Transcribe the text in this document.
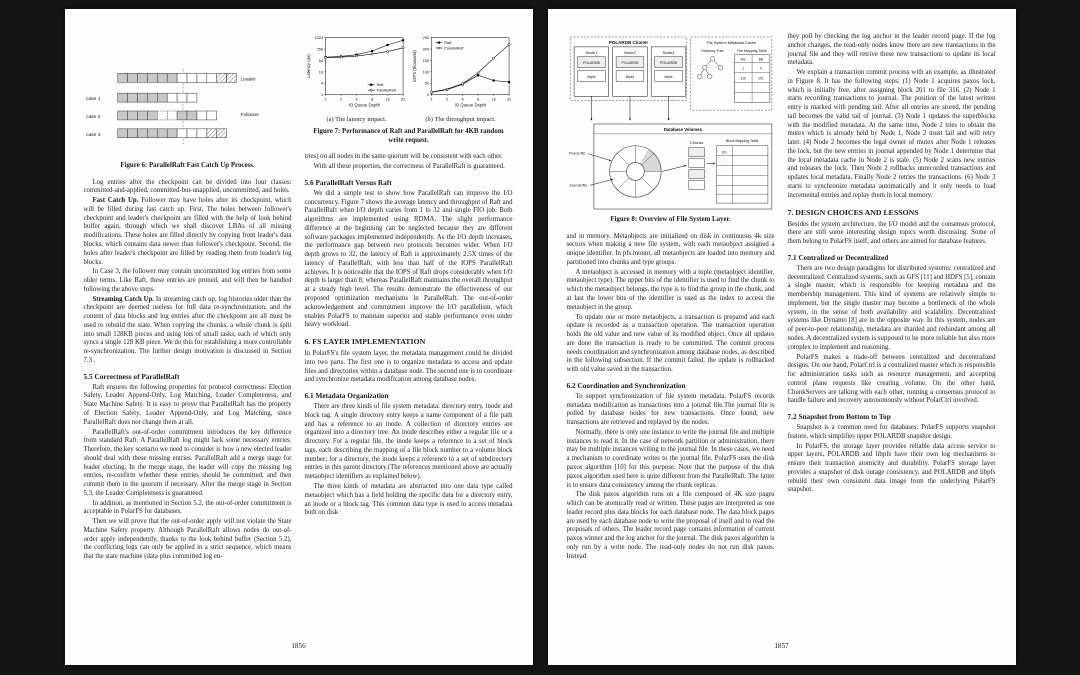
Leader
case 1
Follower
case 2
case 3
Figure 6: ParallelRaft Fast Catch Up Process.

Log entries after the checkpoint can be divided into four classes: committed-and-applied, committed-but-unapplied, uncommitted, and holes.

Fast Catch Up. Follower may have holes after its checkpoint, which will be filled during fast catch up. First, The holes between follower's checkpoint and leader's checkpoint are filled with the help of look behind buffer again, through which we shall discover LBAs of all missing modifications. These holes are filled directly by copying from leader's data blocks, which contains data newer than follower's checkpoint. Second, the holes after leader's checkpoint are filled by reading them from leader's log blocks.

In Case 3, the follower may contain uncommitted log entries from some older terms. Like Raft, these entries are pruned, and will then be handled following the above steps.

Streaming Catch Up. In streaming catch up, log histories older than the checkpoint are deemed useless for full data re-synchronization, and the content of data blocks and log entries after the checkpoint are all must be used to rebuild the state. When copying the chunks, a whole chunk is split into small 128KB pieces and using lots of small tasks, each of which only syncs a single 128 KB piece. We do this for establishing a more controllable re-synchronization. The further design motivation is discussed in Section 7.3 .

5.5 Correctness of ParallelRaft

Raft ensures the following properties for protocol correctness: Election Safety, Leader Append-Only, Log Matching, Leader Completeness, and State Machine Safety. It is easy to prove that ParallelRaft has the property of Election Safety, Leader Append-Only, and Log Matching, since ParallelRaft does not change them at all.

ParallelRaft's out-of-order commitment introduces the key difference from standard Raft. A ParallelRaft log might lack some necessary entries. Therefore, the key scenario we need to consider is how a new elected leader should deal with these missing entries. ParallelRaft add a merge stage for leader electing. In the merge stage, the leader will copy the missing log entries, re-confirm whether these entries should be committed, and then commit them in the quorum if necessary. After the merge stage in Section 5.3, the Leader Completeness is guaranteed.

In addition, as mentioned in Section 5.2, the out-of-order commitment is acceptable in PolarFS for databases.

Then we will prove that the out-of-order apply will not violate the State Machine Safety property. Although ParallelRaft allows nodes do out-of-order apply independently, thanks to the look behind buffer (Section 5.2), the conflicting logs can only be applied in a strict sequence, which means that the state machine (data plus committed log en-

1
4
16
64
256
1024
1	2	4	8	16	32
IO Queue Depth
Latency (us)
Raft
ParallelRaft
0
50
100
150
200
250
1	2	4	8	16	32
IO Queue Depth
IOPS (thousand)
Raft
ParallelRaft
(a) The latency impact.	(b) The throughput impact.
Figure 7: Performance of Raft and ParallelRaft for 4KB random write request.

tries) on all nodes in the same quorum will be consistent with each other.

With all these properties, the correctness of ParallelRaft is guaranteed.

5.6 ParallelRaft Versus Raft

We did a simple test to show how ParallelRaft can improve the I/O concurrency. Figure 7 shows the average latency and throughput of Raft and ParallelRaft when I/O depth varies from 1 to 32 and single FIO job. Both algorithms are implemented using RDMA. The slight performance difference at the beginning can be neglected because they are different software packages implemented independently. As the I/O depth increases, the performance gap between two protocols becomes wider. When I/O depth grows to 32, the latency of Raft is approximately 2.5X times of the latency of ParallelRaft, with less than half of the IOPS ParallelRaft achieves. It is noticeable that the IOPS of Raft drops considerably when I/O depth is larger than 8, whereas ParallelRaft maintains the overall throughput at a steady high level. The results demonstrate the effectiveness of our proposed optimization mechanisms in ParallelRaft. The out-of-order acknowledgement and commitment improve the I/O parallelism, which enables PolarFS to maintain superior and stable performance even under heavy workload.

6. FS LAYER IMPLEMENTATION

In PolarFS's file system layer, the metadata management could be divided into two parts. The first one is to organize metadata to access and update files and directories within a database node. The second one is to coordinate and synchronize metadata modification among database nodes.

6.1 Metadata Organization

There are three kinds of file system metadata: directory entry, inode and block tag. A single directory entry keeps a name component of a file path and has a reference to an inode. A collection of directory entries are organized into a directory tree. An inode describes either a regular file or a directory. For a regular file, the inode keeps a reference to a set of block tags, each describing the mapping of a file block number to a volume block number; for a directory, the inode keeps a reference to a set of subdirectory entries in this parent directory.(The references mentioned above are actually metaobject identifiers as explained below).

The three kinds of metadata are abstracted into one data type called metaobject which has a field holding the specific data for a directory entry, an inode or a block tag. This common data type is used to access metadata both on disk

1856
POLARDB Cluster
Node1
POLARDB
libpfs
Node2
POLARDB
libpfs
Node3
POLARDB
libpfs
File System Metadata Cache
Directory Tree	File Mapping Table
File	Blk
1	4
316	201
…	…
Database Volumes
Chunks	Block Mapping Table
201
…
Paxos file
Journal file
Figure 8: Overview of File System Layer.

and in memory. Metaobjects are initialized on disk in continuous 4k size sectors when making a new file system, with each metaobject assigned a unique identifier. In pfs.mount, all metaobjects are loaded into memory and partitioned into chunks and type groups.

A metaobject is accessed in memory with a tuple (metaobject identifier, metaobject type). The upper bits of the identifier is used to find the chunk to which the metaobject belongs, the type is to find the group in the chunk, and at last the lower bits of the identifier is used as the index to access the metaobject in the group.

To update one or more metaobjects, a transaction is prepared and each update is recorded as a transaction operation. The transaction operation holds the old value and new value of its modified object. Once all updates are done the transaction is ready to be committed. The commit process needs coordination and synchronization among database nodes, as described in the following subsection. If the commit failed, the update is rollbacked with old value saved in the transaction.

6.2 Coordination and Synchronization

To support synchronization of file system metadata, PolarFS records metadata modification as transactions into a journal file.The journal file is polled by database nodes for new transactions. Once found, new transactions are retrieved and replayed by the nodes.

Normally, there is only one instance to write the journal file and multiple instances to read it. In the case of network partition or administration, there may be multiple instances writing to the journal file. In these cases, we need a mechanism to coordinate writes to the journal file. PolarFS uses the disk paxos algorithm [10] for this purpose. Note that the purpose of the disk paxos algorithm used here is quite different from the ParallelRaft. The latter is to ensure data consistency among the chunk replicas.

The disk paxos algorithm runs on a file composed of 4K size pages which can be atomically read or written. These pages are interpreted as one leader record plus data blocks for each database node. The data block pages are used by each database node to write the proposal of itself and to read the proposals of others. The leader record page contains information of current paxos winner and the log anchor for the journal. The disk paxos algorithm is only run by a write node. The read-only nodes do not run disk paxos. Instead

they poll by checking the log anchor in the leader record page. If the log anchor changes, the read-only nodes know there are new transactions in the journal file and they will retrive these new transactions to update its local metadata.

We explain a transaction commit process with an example, as illustrated in Figure 8. It has the following steps: (1) Node 1 acquires paxos lock, which is initially free, after assigning block 201 to file 316. (2) Node 1 starts recording transactions to journal. The position of the latest written entry is marked with pending tail. After all entries are stored, the pending tail becomes the valid tail of journal. (3) Node 1 updates the superblocks with the modified metadata. At the same time, Node 2 tries to obtain the mutex which is already held by Node 1, Node 2 must fail and will retry later. (4) Node 2 becomes the legal owner of mutex after Node 1 releases the lock, but the new entries in journal appended by Node 1 determine that the local metadata cache in Node 2 is stale. (5) Node 2 scans new entries and releases the lock. Then Node 2 rollbacks unrecorded transactions and updates local metadata. Finally Node 2 retries the transactions. (6) Node 3 starts to synchronize metadata automatically and it only needs to load incremental entries and replay them in local memory.

7. DESIGN CHOICES AND LESSONS

Besides the system architecture, the I/O model and the consensus protocol, there are still some interesting design topics worth discussing. Some of them belong to PolarFS itself, and others are aimed for database features.

7.1 Centralized or Decentralized

There are two design paradigms for distributed systems: centralized and decentralized. Centralized systems, such as GFS [11] and HDFS [5], contain a single master, which is responsible for keeping metadata and the membership management. This kind of systems are relatively simple to implement, but the single master may become a bottleneck of the whole system, in the sense of both availability and scalability. Decentralized systems like Dynamo [8] are in the opposite way. In this system, nodes are of peer-to-peer relationship, metadata are sharded and redundant among all nodes. A decentralized system is supposed to be more reliable but also more complex to implement and reasoning.

PolarFS makes a trade-off between centralized and decentralized designs. On one hand, PolarCtrl is a centralized master which is responsible for administration tasks such as resource management, and accepting control plane requests like creating volume. On the other hand, ChunkServers are talking with each other, running a consensus protocol to handle failure and recovery autonomously without PolarCtrl involved.

7.2 Snapshot from Bottom to Top

Snapshot is a common need for databases. PolarFS supports snapshot feature, which simplifies upper POLARDB snapshot design.

In PolarFS, the storage layer provides reliable data access service to upper layers, POLARDB and libpfs have their own log mechanisms to ensure their transaction atomicity and durability. PolarFS storage layer provides a snapshot of disk outage consistency, and POLARDB and libpfs rebuild their own consistent data image from the underlying PolarFS snapshot.

1857
